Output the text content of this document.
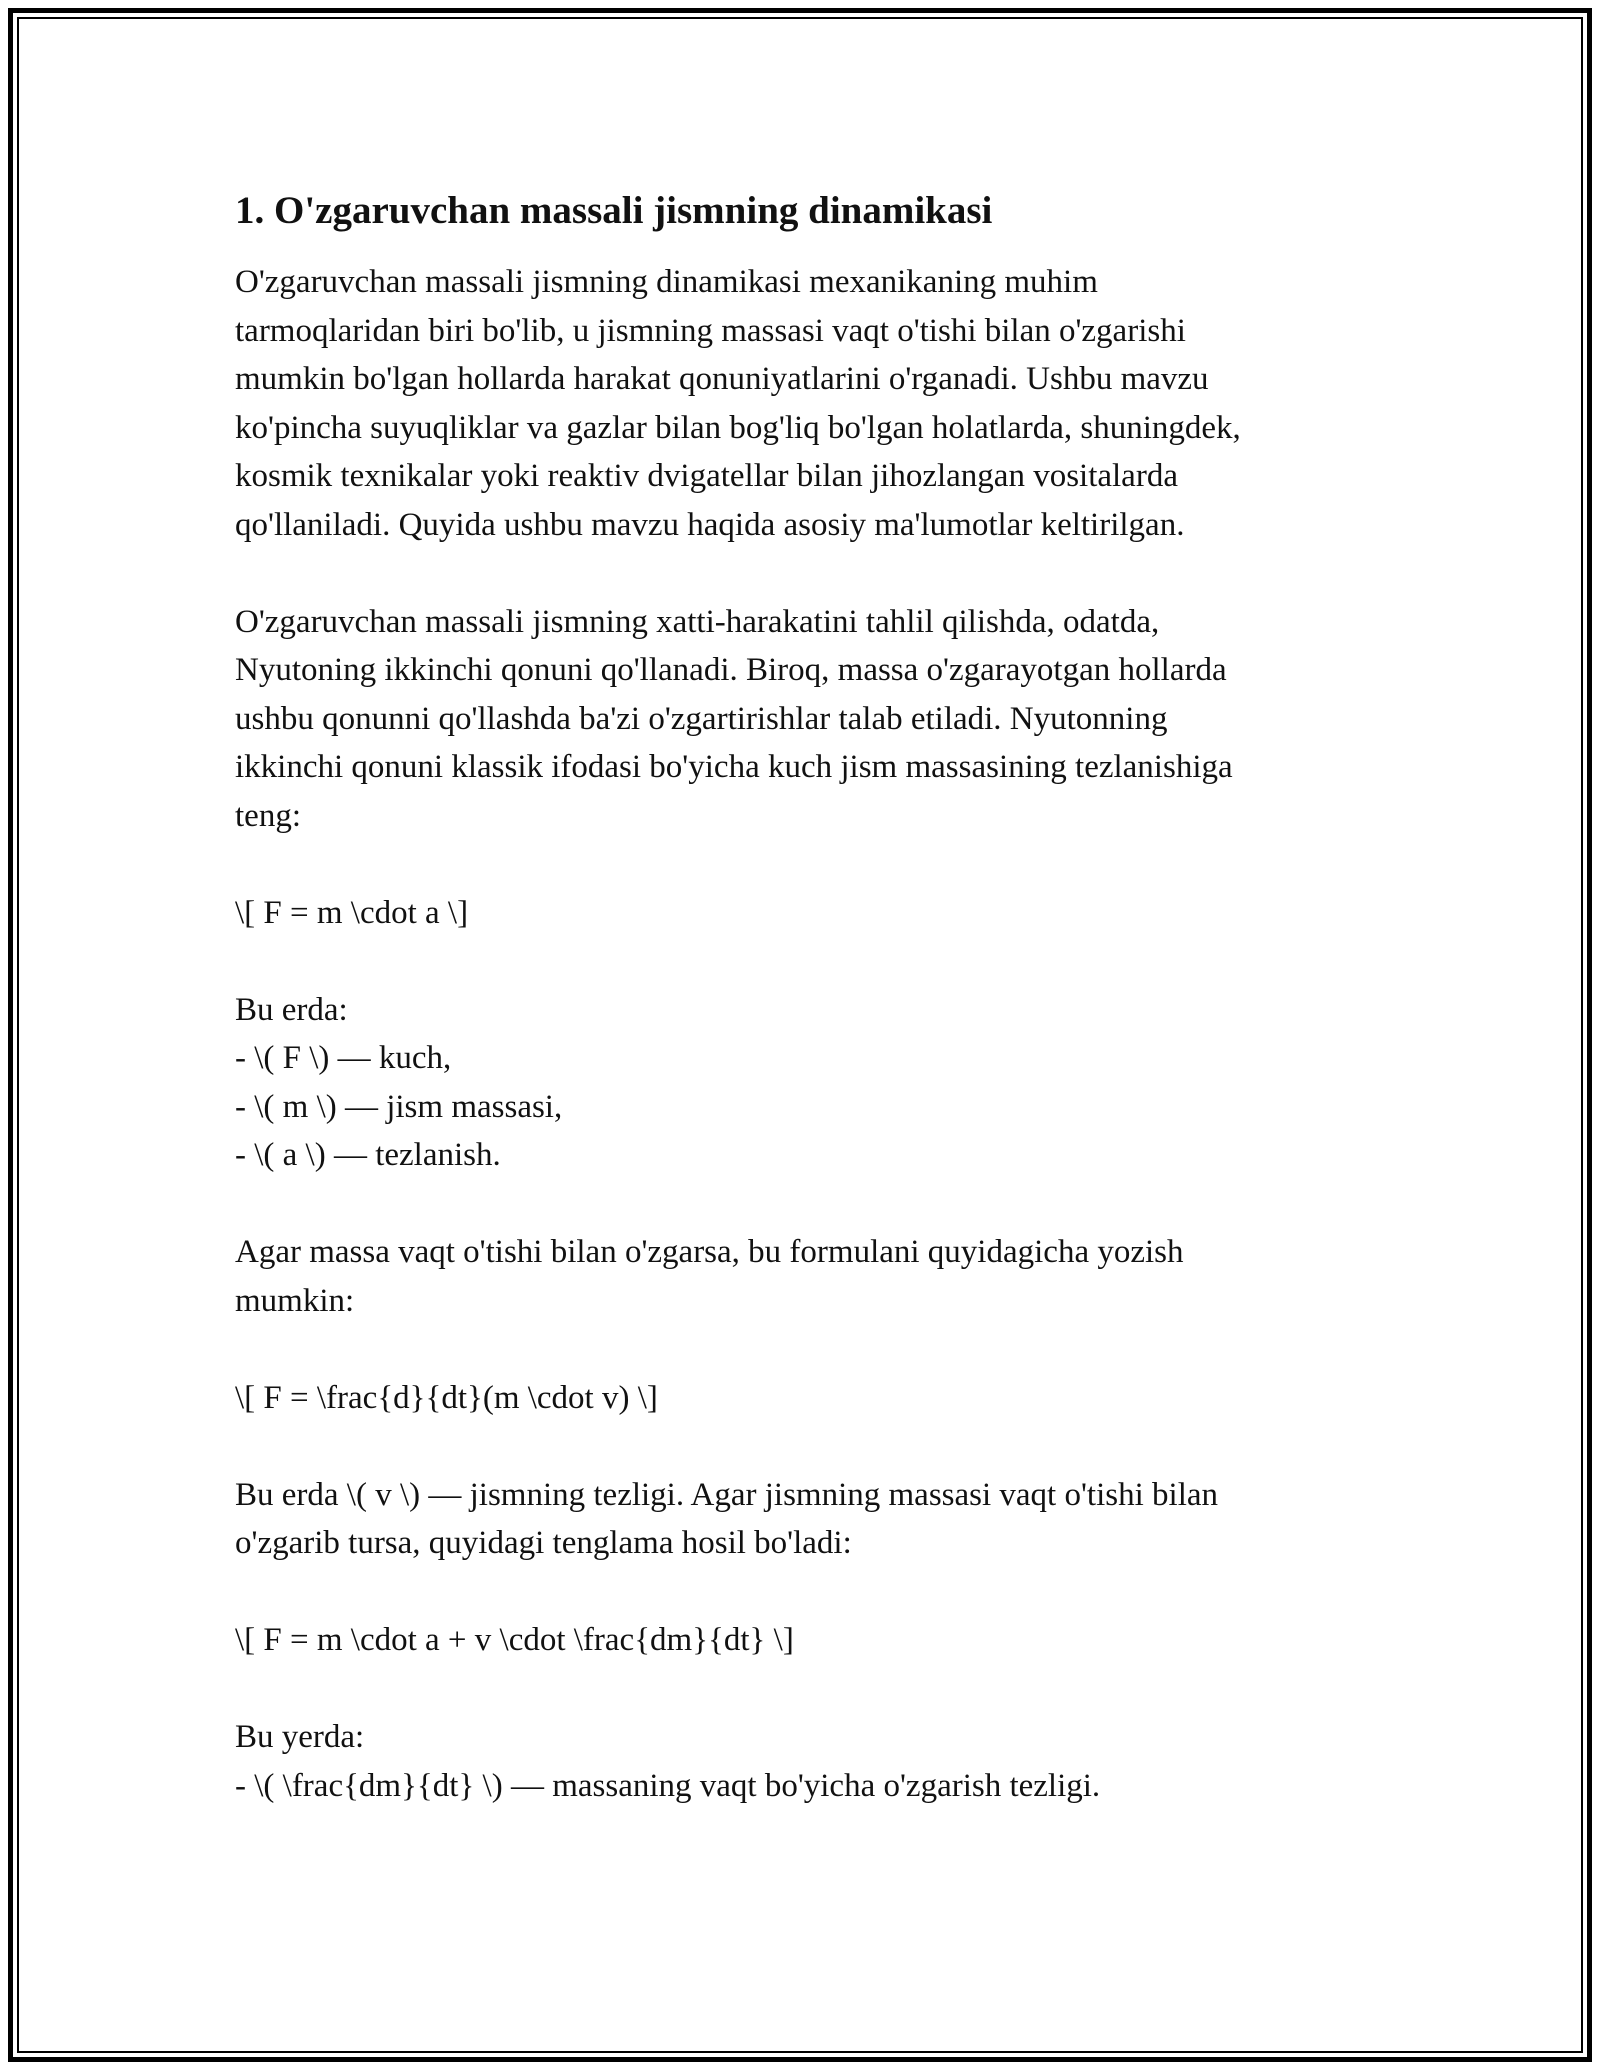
1. O'zgaruvchan massali jismning dinamikasi

O'zgaruvchan massali jismning dinamikasi mexanikaning muhim
tarmoqlaridan biri bo'lib, u jismning massasi vaqt o'tishi bilan o'zgarishi
mumkin bo'lgan hollarda harakat qonuniyatlarini o'rganadi. Ushbu mavzu
ko'pincha suyuqliklar va gazlar bilan bog'liq bo'lgan holatlarda, shuningdek,
kosmik texnikalar yoki reaktiv dvigatellar bilan jihozlangan vositalarda
qo'llaniladi. Quyida ushbu mavzu haqida asosiy ma'lumotlar keltirilgan.

O'zgaruvchan massali jismning xatti-harakatini tahlil qilishda, odatda,
Nyutoning ikkinchi qonuni qo'llanadi. Biroq, massa o'zgarayotgan hollarda
ushbu qonunni qo'llashda ba'zi o'zgartirishlar talab etiladi. Nyutonning
ikkinchi qonuni klassik ifodasi bo'yicha kuch jism massasining tezlanishiga
teng:

\[ F = m \cdot a \]

Bu erda:
- \( F \) — kuch,
- \( m \) — jism massasi,
- \( a \) — tezlanish.

Agar massa vaqt o'tishi bilan o'zgarsa, bu formulani quyidagicha yozish
mumkin:

\[ F = \frac{d}{dt}(m \cdot v) \]

Bu erda \( v \) — jismning tezligi. Agar jismning massasi vaqt o'tishi bilan
o'zgarib tursa, quyidagi tenglama hosil bo'ladi:

\[ F = m \cdot a + v \cdot \frac{dm}{dt} \]

Bu yerda:
- \( \frac{dm}{dt} \) — massaning vaqt bo'yicha o'zgarish tezligi.
